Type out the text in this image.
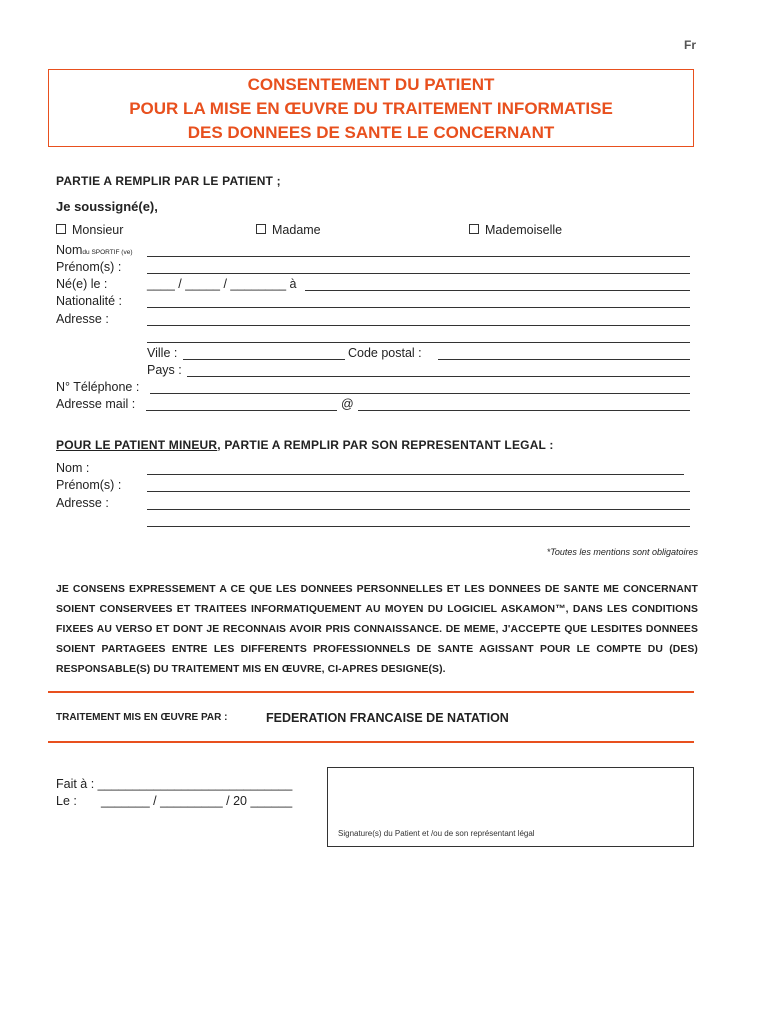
Fr
CONSENTEMENT DU PATIENT
POUR LA MISE EN ŒUVRE DU TRAITEMENT INFORMATISE
DES DONNEES DE SANTE LE CONCERNANT
PARTIE A REMPLIR PAR LE PATIENT ;
Je soussigné(e),
Monsieur	Madame	Mademoiselle
Nomdu SPORTIF (ve)
Prénom(s) :
Né(e) le :	____ / _____ / ________ à
Nationalité :
Adresse :
Ville :	Code postal :
Pays :
N° Téléphone :
Adresse mail :	@
POUR LE PATIENT MINEUR, PARTIE A REMPLIR PAR SON REPRESENTANT LEGAL :
Nom :
Prénom(s) :
Adresse :
*Toutes les mentions sont obligatoires
JE CONSENS EXPRESSEMENT A CE QUE LES DONNEES PERSONNELLES ET LES DONNEES DE SANTE ME CONCERNANT SOIENT CONSERVEES ET TRAITEES INFORMATIQUEMENT AU MOYEN DU LOGICIEL ASKAMON™, DANS LES CONDITIONS FIXEES AU VERSO ET DONT JE RECONNAIS AVOIR PRIS CONNAISSANCE. DE MEME, J'ACCEPTE QUE LESDITES DONNEES SOIENT PARTAGEES ENTRE LES DIFFERENTS PROFESSIONNELS DE SANTE AGISSANT POUR LE COMPTE DU (DES) RESPONSABLE(S) DU TRAITEMENT MIS EN ŒUVRE, CI-APRES DESIGNE(S).
TRAITEMENT MIS EN ŒUVRE PAR :	FEDERATION FRANCAISE DE NATATION
Fait à : ____________________________
Le : _______ / _________ / 20 ______
Signature(s) du Patient et /ou de son représentant légal
